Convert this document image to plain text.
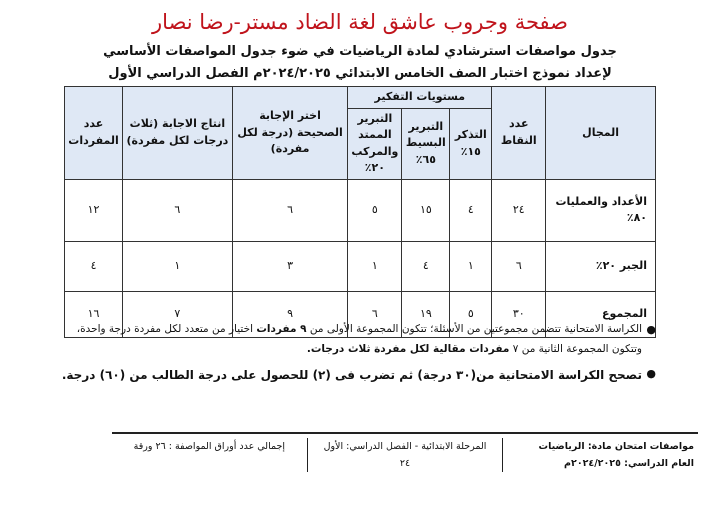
صفحة وجروب عاشق لغة الضاد مستر-رضا نصار
جدول مواصفات استرشادي لمادة الرياضيات في ضوء جدول المواصفات الأساسي
لإعداد نموذج اختبار الصف الخامس الابتدائي ٢٠٢٤/٢٠٢٥م الفصل الدراسي الأول
المجال	عدد النقاط	مستويات التفكير			اختر الإجابة الصحيحة (درجة لكل مفردة)	انتاج الاجابة (ثلاث درجات لكل مفردة)	عدد المفردات
		التذكر ١٥٪	التبرير البسيط ٦٥٪	التبرير الممتد والمركب ٢٠٪			
الأعداد والعمليات ٨٠٪	٢٤	٤	١٥	٥	٦	٦	١٢
الجبر ٢٠٪	٦	١	٤	١	٣	١	٤
المجموع	٣٠	٥	١٩	٦	٩	٧	١٦
●
الكراسة الامتحانية تتضمن مجموعتين من الأسئلة؛ تتكون المجموعة الأولى من ٩ مفردات اختيار من متعدد لكل مفردة درجة واحدة، وتتكون المجموعة الثانية من ٧ مفردات مقالية لكل مفردة ثلاث درجات.
●
تصحح الكراسة الامتحانية من(٣٠ درجة) ثم تضرب فى (٢) للحصول على درجة الطالب من (٦٠) درجة.
مواصفات امتحان مادة: الرياضيات
العام الدراسي: ٢٠٢٤/٢٠٢٥م
المرحلة الابتدائية - الفصل الدراسي: الأول
٢٤
إجمالي عدد أوراق المواصفة : ٢٦ ورقة
